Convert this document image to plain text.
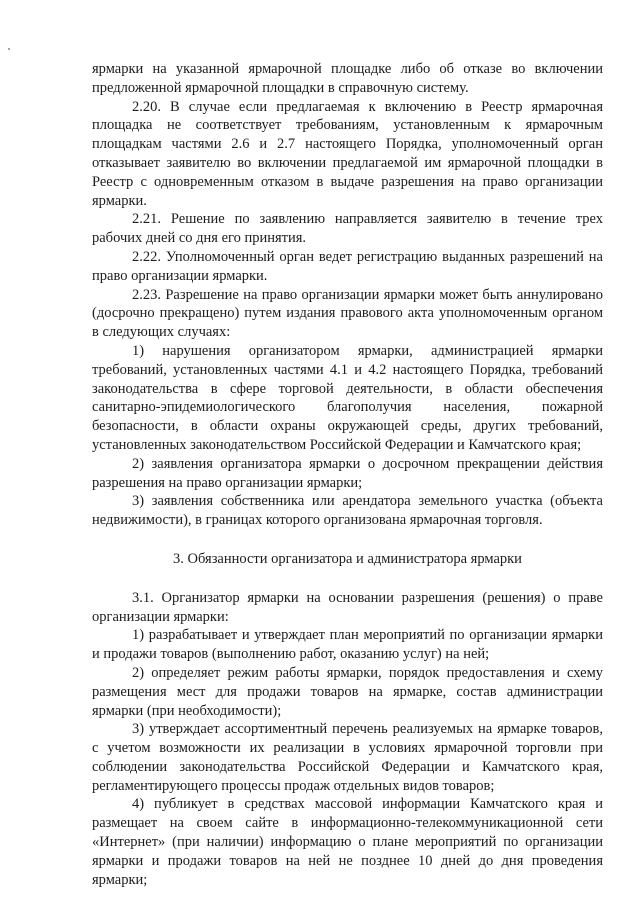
ярмарки на указанной ярмарочной площадке либо об отказе во включении предложенной ярмарочной площадки в справочную систему.

2.20. В случае если предлагаемая к включению в Реестр ярмарочная площадка не соответствует требованиям, установленным к ярмарочным площадкам частями 2.6 и 2.7 настоящего Порядка, уполномоченный орган отказывает заявителю во включении предлагаемой им ярмарочной площадки в Реестр с одновременным отказом в выдаче разрешения на право организации ярмарки.

2.21. Решение по заявлению направляется заявителю в течение трех рабочих дней со дня его принятия.

2.22. Уполномоченный орган ведет регистрацию выданных разрешений на право организации ярмарки.

2.23. Разрешение на право организации ярмарки может быть аннулировано (досрочно прекращено) путем издания правового акта уполномоченным органом в следующих случаях:

1) нарушения организатором ярмарки, администрацией ярмарки требований, установленных частями 4.1 и 4.2 настоящего Порядка, требований законодательства в сфере торговой деятельности, в области обеспечения санитарно-эпидемиологического благополучия населения, пожарной безопасности, в области охраны окружающей среды, других требований, установленных законодательством Российской Федерации и Камчатского края;

2) заявления организатора ярмарки о досрочном прекращении действия разрешения на право организации ярмарки;

3) заявления собственника или арендатора земельного участка (объекта недвижимости), в границах которого организована ярмарочная торговля.

3. Обязанности организатора и администратора ярмарки

3.1. Организатор ярмарки на основании разрешения (решения) о праве организации ярмарки:

1) разрабатывает и утверждает план мероприятий по организации ярмарки и продажи товаров (выполнению работ, оказанию услуг) на ней;

2) определяет режим работы ярмарки, порядок предоставления и схему размещения мест для продажи товаров на ярмарке, состав администрации ярмарки (при необходимости);

3) утверждает ассортиментный перечень реализуемых на ярмарке товаров, с учетом возможности их реализации в условиях ярмарочной торговли при соблюдении законодательства Российской Федерации и Камчатского края, регламентирующего процессы продаж отдельных видов товаров;

4) публикует в средствах массовой информации Камчатского края и размещает на своем сайте в информационно-телекоммуникационной сети «Интернет» (при наличии) информацию о плане мероприятий по организации ярмарки и продажи товаров на ней не позднее 10 дней до дня проведения ярмарки;
